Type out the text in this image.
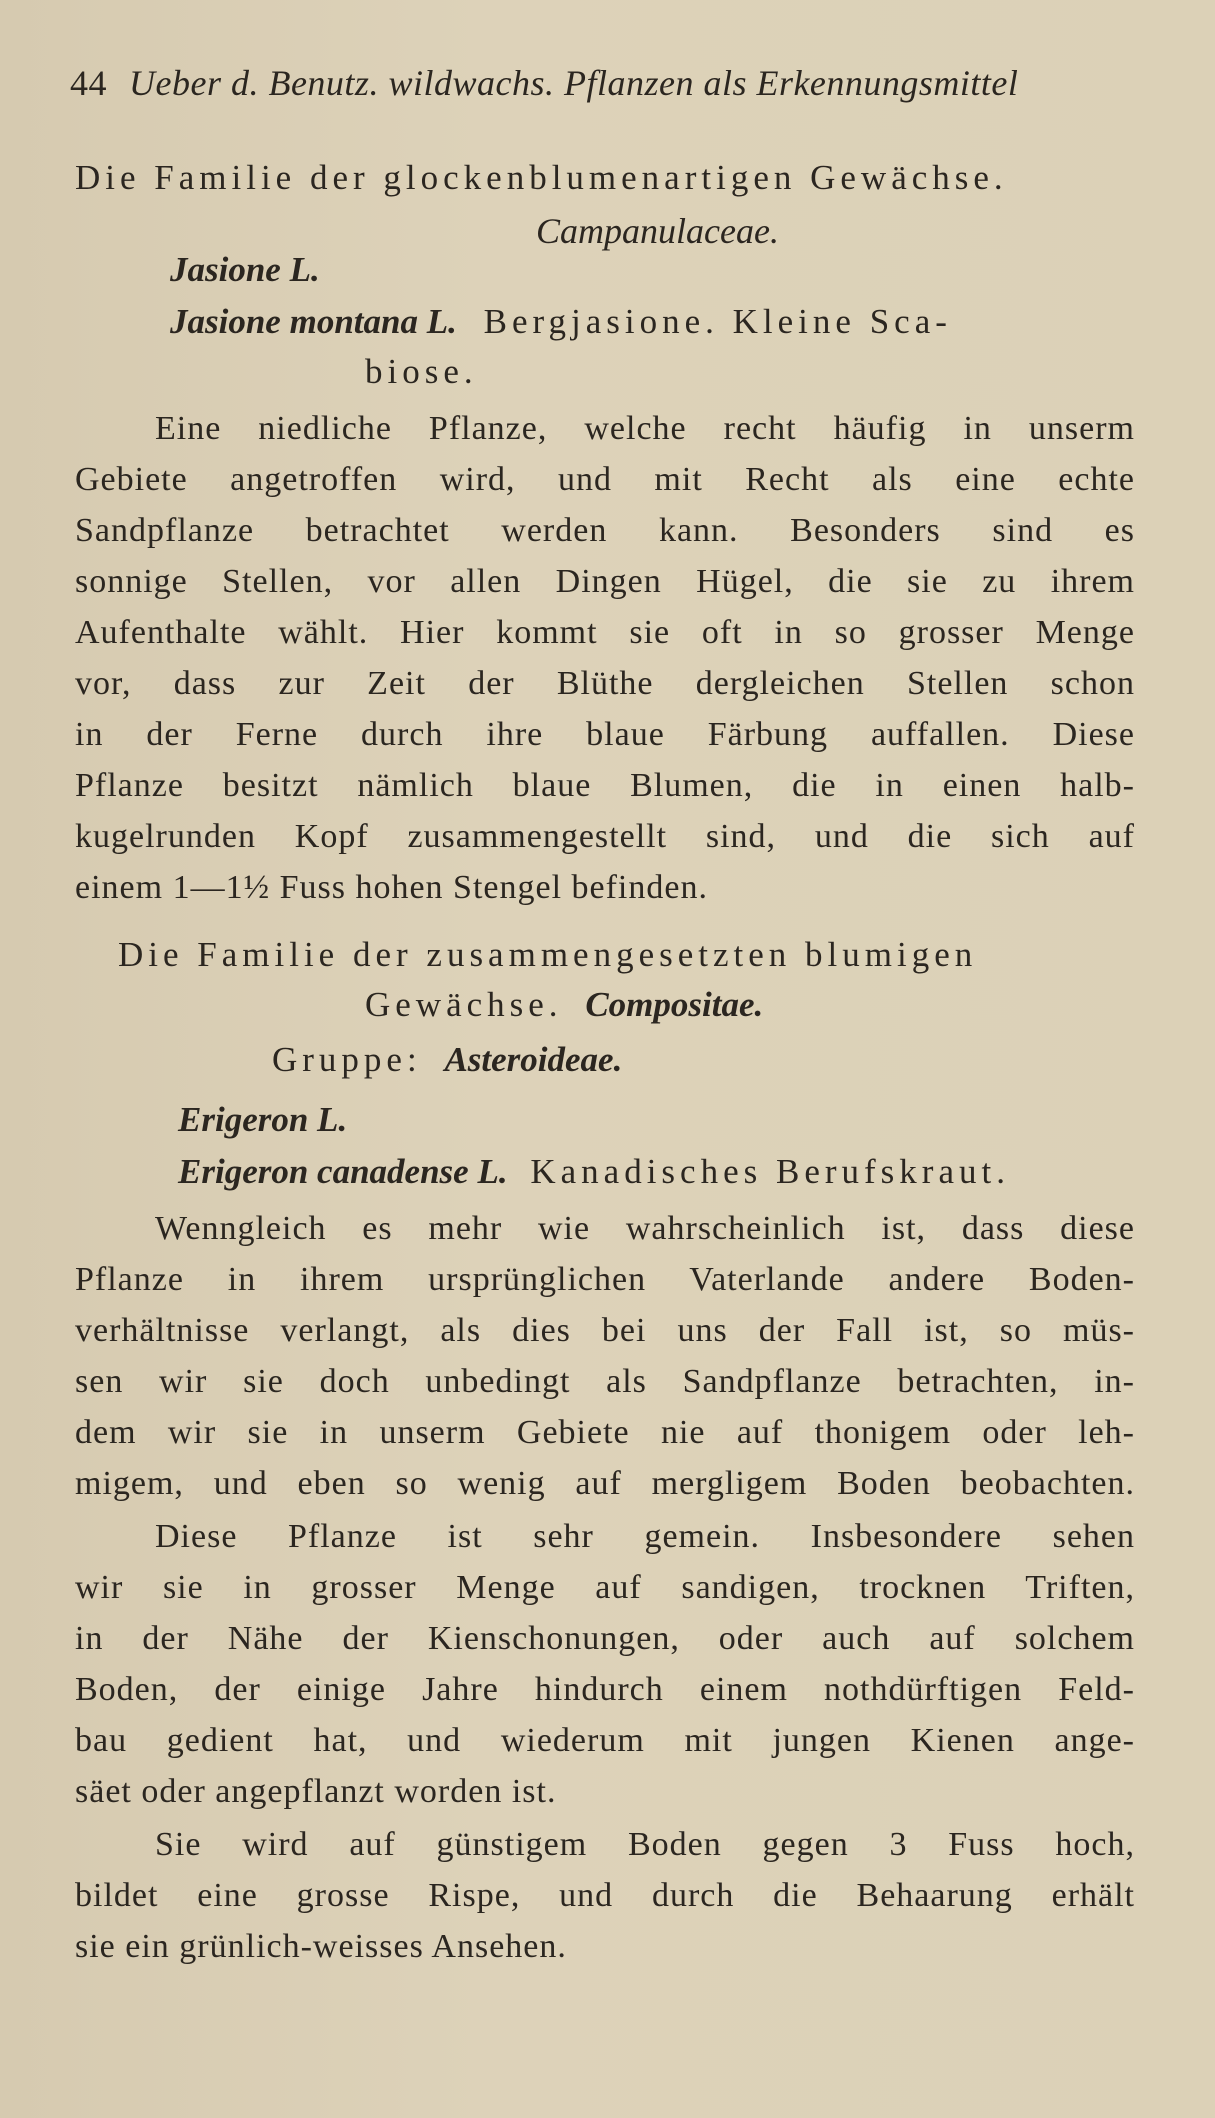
44 Ueber d. Benutz. wildwachs. Pflanzen als Erkennungsmittel
Die Familie der glockenblumenartigen Gewächse.
Campanulaceae.
Jasione L.
Jasione montana L. Bergjasione. Kleine Sca-
biose.
Eine niedliche Pflanze, welche recht häufig in unserm
Gebiete angetroffen wird, und mit Recht als eine echte
Sandpflanze betrachtet werden kann. Besonders sind es
sonnige Stellen, vor allen Dingen Hügel, die sie zu ihrem
Aufenthalte wählt. Hier kommt sie oft in so grosser Menge
vor, dass zur Zeit der Blüthe dergleichen Stellen schon
in der Ferne durch ihre blaue Färbung auffallen. Diese
Pflanze besitzt nämlich blaue Blumen, die in einen halb-
kugelrunden Kopf zusammengestellt sind, und die sich auf
einem 1—1½ Fuss hohen Stengel befinden.
Die Familie der zusammengesetzten blumigen
Gewächse. Compositae.
Gruppe: Asteroideae.
Erigeron L.
Erigeron canadense L. Kanadisches Berufskraut.
Wenngleich es mehr wie wahrscheinlich ist, dass diese
Pflanze in ihrem ursprünglichen Vaterlande andere Boden-
verhältnisse verlangt, als dies bei uns der Fall ist, so müs-
sen wir sie doch unbedingt als Sandpflanze betrachten, in-
dem wir sie in unserm Gebiete nie auf thonigem oder leh-
migem, und eben so wenig auf mergligem Boden beobachten.
Diese Pflanze ist sehr gemein. Insbesondere sehen
wir sie in grosser Menge auf sandigen, trocknen Triften,
in der Nähe der Kienschonungen, oder auch auf solchem
Boden, der einige Jahre hindurch einem nothdürftigen Feld-
bau gedient hat, und wiederum mit jungen Kienen ange-
säet oder angepflanzt worden ist.
Sie wird auf günstigem Boden gegen 3 Fuss hoch,
bildet eine grosse Rispe, und durch die Behaarung erhält
sie ein grünlich-weisses Ansehen.
